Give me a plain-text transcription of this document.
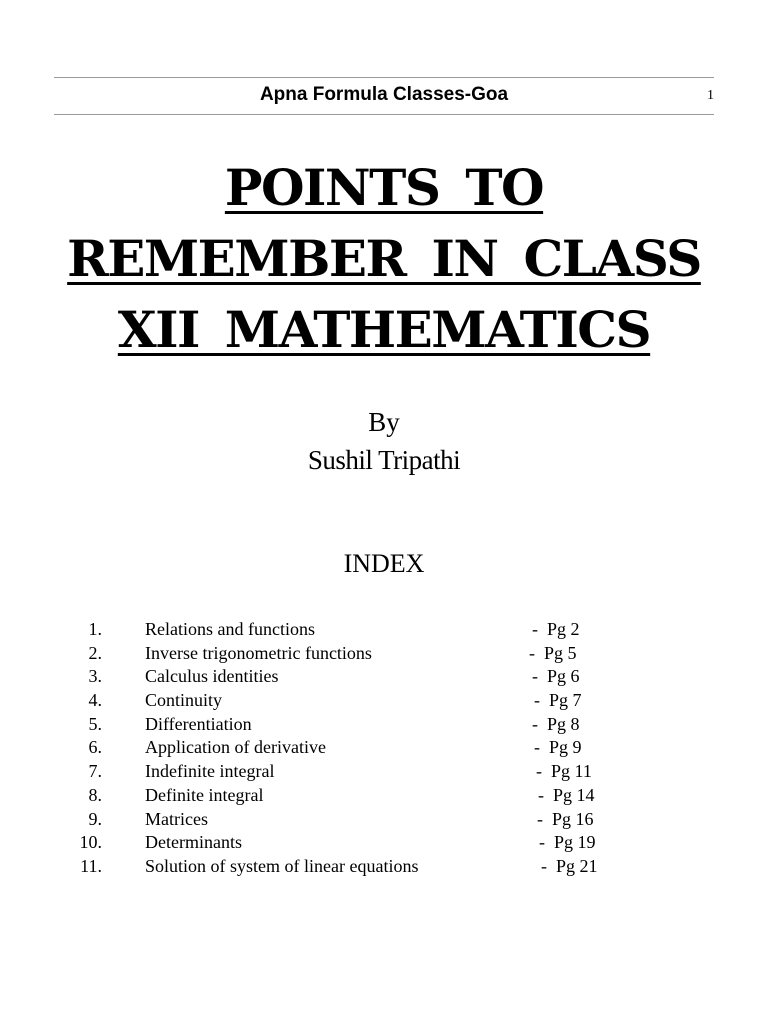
Apna Formula Classes-Goa	1
POINTS TO
REMEMBER IN CLASS
XII MATHEMATICS
By
Sushil Tripathi
INDEX
1. Relations and functions	-  Pg 2
2. Inverse trigonometric functions	-  Pg 5
3. Calculus identities	-  Pg 6
4. Continuity	-  Pg 7
5. Differentiation	-  Pg 8
6. Application of derivative	-  Pg 9
7. Indefinite integral	-  Pg 11
8. Definite integral	-  Pg 14
9. Matrices	-  Pg 16
10. Determinants	-  Pg 19
11. Solution of system of linear equations	-  Pg 21
